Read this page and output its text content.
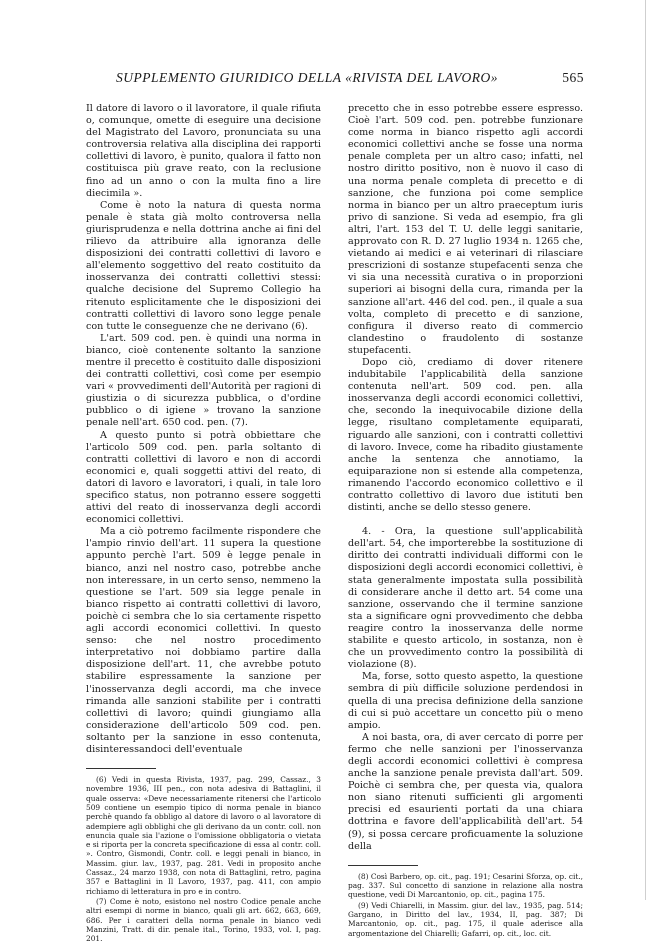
SUPPLEMENTO GIURIDICO DELLA «RIVISTA DEL LAVORO»	565

Il datore di lavoro o il lavoratore, il quale rifiuta o, comunque, omette di eseguire una decisione del Magistrato del Lavoro, pronunciata su una controversia relativa alla disciplina dei rapporti collettivi di lavoro, è punito, qualora il fatto non costituisca più grave reato, con la reclusione fino ad un anno o con la multa fino a lire diecimila ».

Come è noto la natura di questa norma penale è stata già molto controversa nella giurisprudenza e nella dottrina anche ai fini del rilievo da attribuire alla ignoranza delle disposizioni dei contratti collettivi di lavoro e all'elemento soggettivo del reato costituito da inosservanza dei contratti collettivi stessi: qualche decisione del Supremo Collegio ha ritenuto esplicitamente che le disposizioni dei contratti collettivi di lavoro sono legge penale con tutte le conseguenze che ne derivano (6).

L'art. 509 cod. pen. è quindi una norma in bianco, cioè contenente soltanto la sanzione mentre il precetto è costituito dalle disposizioni dei contratti collettivi, così come per esempio vari « provvedimenti dell'Autorità per ragioni di giustizia o di sicurezza pubblica, o d'ordine pubblico o di igiene » trovano la sanzione penale nell'art. 650 cod. pen. (7).

A questo punto si potrà obbiettare che l'articolo 509 cod. pen. parla soltanto di contratti collettivi di lavoro e non di accordi economici e, quali soggetti attivi del reato, di datori di lavoro e lavoratori, i quali, in tale loro specifico status, non potranno essere soggetti attivi del reato di inosservanza degli accordi economici collettivi.

Ma a ciò potremo facilmente rispondere che l'ampio rinvio dell'art. 11 supera la questione appunto perchè l'art. 509 è legge penale in bianco, anzi nel nostro caso, potrebbe anche non interessare, in un certo senso, nemmeno la questione se l'art. 509 sia legge penale in bianco rispetto ai contratti collettivi di lavoro, poichè ci sembra che lo sia certamente rispetto agli accordi economici collettivi. In questo senso: che nel nostro procedimento interpretativo noi dobbiamo partire dalla disposizione dell'art. 11, che avrebbe potuto stabilire espressamente la sanzione per l'inosservanza degli accordi, ma che invece rimanda alle sanzioni stabilite per i contratti collettivi di lavoro; quindi giungiamo alla considerazione dell'articolo 509 cod. pen. soltanto per la sanzione in esso contenuta, disinteressandoci dell'eventuale

(6) Vedi in questa Rivista, 1937, pag. 299, Cassaz., 3 novembre 1936, III pen., con nota adesiva di Battaglini, il quale osserva: «Deve necessariamente ritenersi che l'articolo 509 contiene un esempio tipico di norma penale in bianco perchè quando fa obbligo al datore di lavoro o al lavoratore di adempiere agli obblighi che gli derivano da un contr. coll. non enuncia quale sia l'azione o l'omissione obbligatoria o vietata e si riporta per la concreta specificazione di essa al contr. coll. ». Contro, Gismondi, Contr. coll. e leggi penali in bianco, in Massim. giur. lav., 1937, pag. 281. Vedi in proposito anche Cassaz., 24 marzo 1938, con nota di Battaglini, retro, pagina 357 e Battaglini in Il Lavoro, 1937, pag. 411, con ampio richiamo di letteratura in pro e in contro.

(7) Come è noto, esistono nel nostro Codice penale anche altri esempi di norme in bianco, quali gli art. 662, 663, 669, 686. Per i caratteri della norma penale in bianco vedi Manzini, Tratt. di dir. penale ital., Torino, 1933, vol. I, pag. 201.

precetto che in esso potrebbe essere espresso. Cioè l'art. 509 cod. pen. potrebbe funzionare come norma in bianco rispetto agli accordi economici collettivi anche se fosse una norma penale completa per un altro caso; infatti, nel nostro diritto positivo, non è nuovo il caso di una norma penale completa di precetto e di sanzione, che funziona poi come semplice norma in bianco per un altro praeceptum iuris privo di sanzione. Si veda ad esempio, fra gli altri, l'art. 153 del T. U. delle leggi sanitarie, approvato con R. D. 27 luglio 1934 n. 1265 che, vietando ai medici e ai veterinari di rilasciare prescrizioni di sostanze stupefacenti senza che vi sia una necessità curativa o in proporzioni superiori ai bisogni della cura, rimanda per la sanzione all'art. 446 del cod. pen., il quale a sua volta, completo di precetto e di sanzione, configura il diverso reato di commercio clandestino o fraudolento di sostanze stupefacenti.

Dopo ciò, crediamo di dover ritenere indubitabile l'applicabilità della sanzione contenuta nell'art. 509 cod. pen. alla inosservanza degli accordi economici collettivi, che, secondo la inequivocabile dizione della legge, risultano completamente equiparati, riguardo alle sanzioni, con i contratti collettivi di lavoro. Invece, come ha ribadito giustamente anche la sentenza che annotiamo, la equiparazione non si estende alla competenza, rimanendo l'accordo economico collettivo e il contratto collettivo di lavoro due istituti ben distinti, anche se dello stesso genere.

4. - Ora, la questione sull'applicabilità dell'art. 54, che importerebbe la sostituzione di diritto dei contratti individuali difformi con le disposizioni degli accordi economici collettivi, è stata generalmente impostata sulla possibilità di considerare anche il detto art. 54 come una sanzione, osservando che il termine sanzione sta a significare ogni provvedimento che debba reagire contro la inosservanza delle norme stabilite e questo articolo, in sostanza, non è che un provvedimento contro la possibilità di violazione (8).

Ma, forse, sotto questo aspetto, la questione sembra di più difficile soluzione perdendosi in quella di una precisa definizione della sanzione di cui si può accettare un concetto più o meno ampio.

A noi basta, ora, di aver cercato di porre per fermo che nelle sanzioni per l'inosservanza degli accordi economici collettivi è compresa anche la sanzione penale prevista dall'art. 509. Poichè ci sembra che, per questa via, qualora non siano ritenuti sufficienti gli argomenti precisi ed esaurienti portati da una chiara dottrina e favore dell'applicabilità dell'art. 54 (9), si possa cercare proficuamente la soluzione della

(8) Così Barbero, op. cit., pag. 191; Cesarini Sforza, op. cit., pag. 337. Sul concetto di sanzione in relazione alla nostra questione, vedi Di Marcantonio, op. cit., pagina 175.

(9) Vedi Chiarelli, in Massim. giur. del lav., 1935, pag. 514; Gargano, in Diritto del lav., 1934, II, pag. 387; Di Marcantonio, op. cit., pag. 175, il quale aderisce alla argomentazione del Chiarelli; Gafarri, op. cit., loc. cit.
